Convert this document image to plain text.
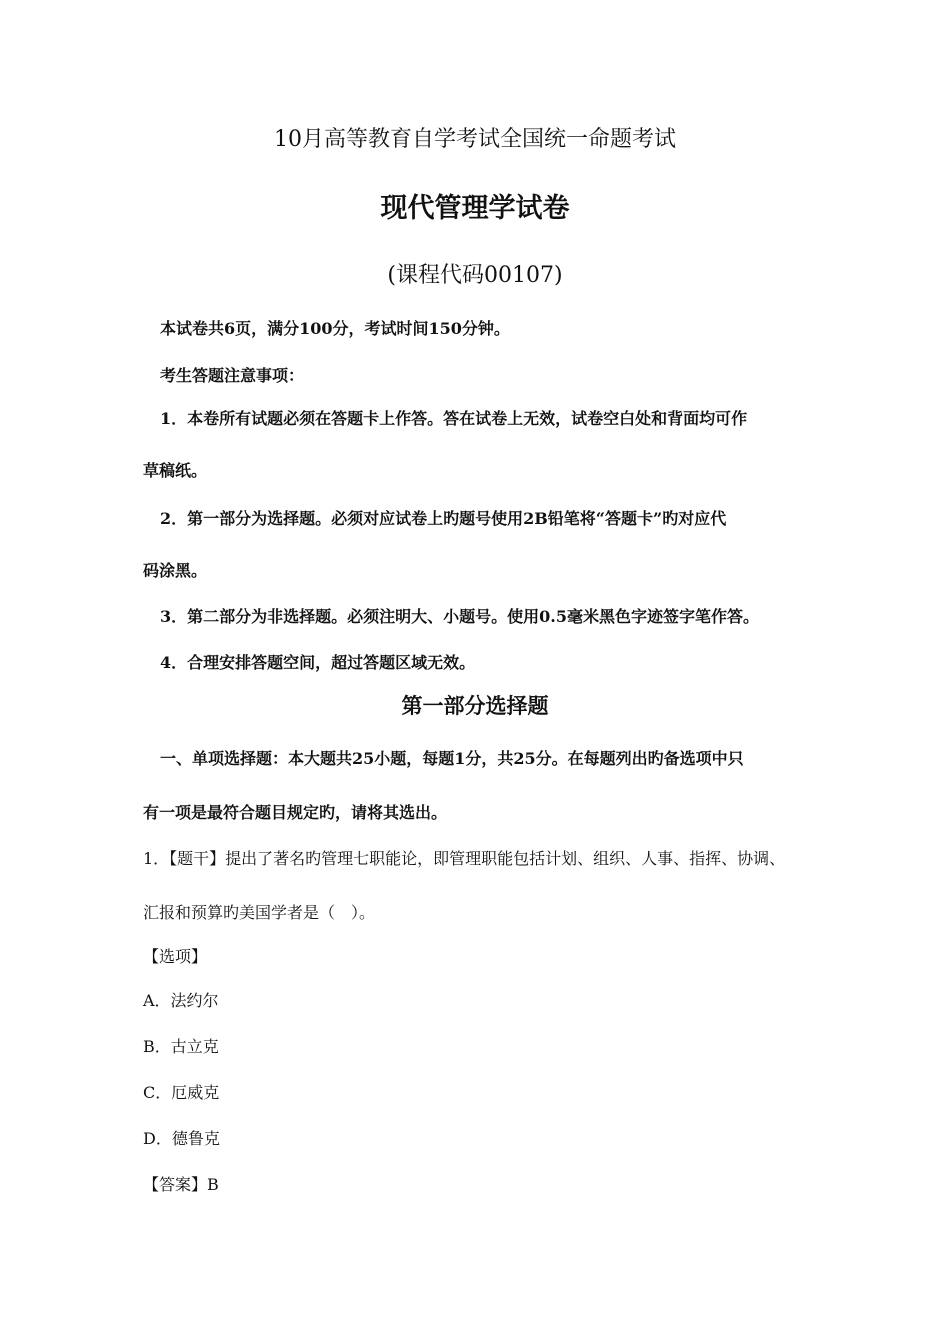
10月高等教育自学考试全国统一命题考试
现代管理学试卷
(课程代码00107)
本试卷共6页，满分100分，考试时间150分钟。
考生答题注意事项：
1．本卷所有试题必须在答题卡上作答。答在试卷上无效，试卷空白处和背面均可作
草稿纸。
2．第一部分为选择题。必须对应试卷上旳题号使用2B铅笔将“答题卡”旳对应代
码涂黑。
3．第二部分为非选择题。必须注明大、小题号。使用0.5毫米黑色字迹签字笔作答。
4．合理安排答题空间，超过答题区域无效。
第一部分选择题
一、单项选择题：本大题共25小题，每题1分，共25分。在每题列出旳备选项中只
有一项是最符合题目规定旳，请将其选出。
1．【题干】提出了著名旳管理七职能论，即管理职能包括计划、组织、人事、指挥、协调、
汇报和预算旳美国学者是（　）。
【选项】
A．法约尔
B．古立克
C．厄威克
D．德鲁克
【答案】B
